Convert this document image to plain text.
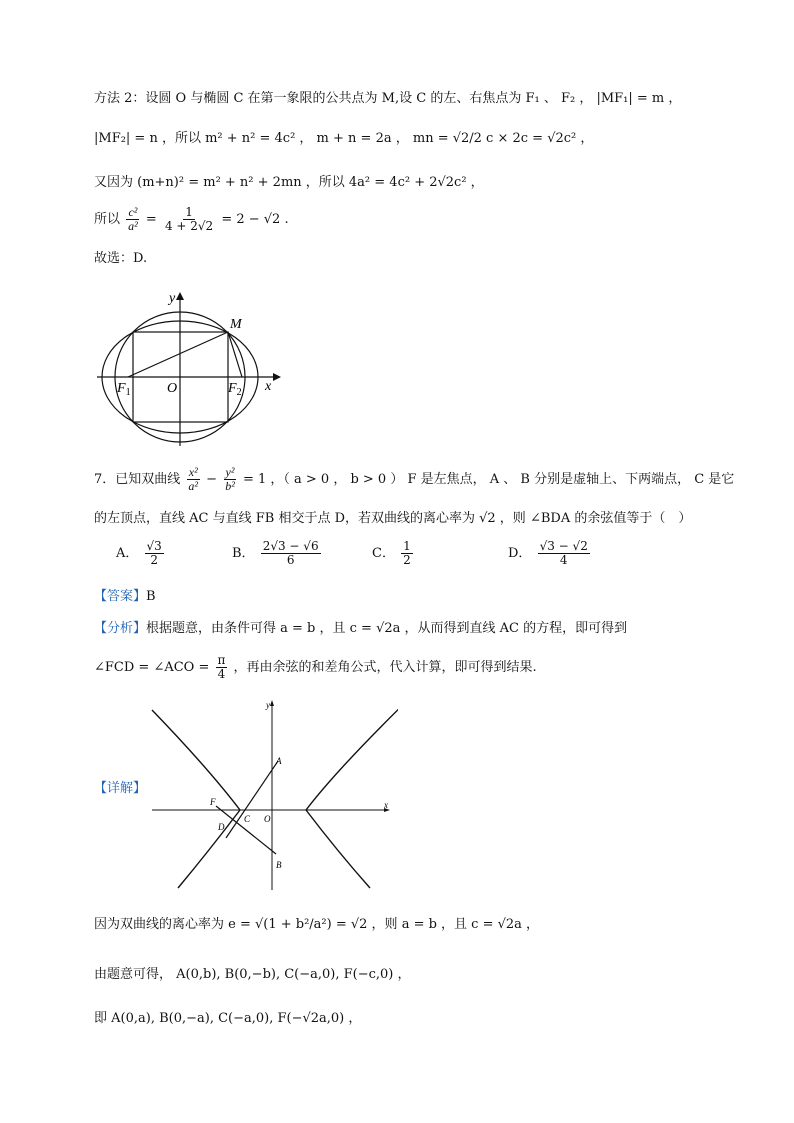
方法 2：设圆 O 与椭圆 C 在第一象限的公共点为 M,设 C 的左、右焦点为 F₁ 、 F₂ ， |MF₁| = m ，
|MF₂| = n ，所以 m² + n² = 4c² ， m + n = 2a ， mn = √2/2 c × 2c = √2c² ，
又因为 (m+n)² = m² + n² + 2mn ，所以 4a² = 4c² + 2√2c² ，
所以 $\frac{\text{c²}}{\text{a²}} = \frac{1}{4 + 2√2} = 2 - √2$ .
故选：D.
y
x
M
O
$F_1$	$F_2$
7．已知双曲线 $\frac{\text{x²}}{\text{a²}} - \frac{\text{y²}}{\text{b²}} = 1$ ，（ a > 0 ， b > 0 ） F 是左焦点， A 、 B 分别是虚轴上、下两端点， C 是它
的左顶点，直线 AC 与直线 FB 相交于点 D，若双曲线的离心率为 √2 ，则 ∠BDA 的余弦值等于（　）
A． $\frac{√3}{2}$	B． $\frac{2√3 - √6}{6}$	C． $\frac{1}{2}$	D． $\frac{√3 - √2}{4}$
【答案】B
【分析】根据题意，由条件可得 a = b ，且 c = √2a ，从而得到直线 AC 的方程，即可得到
∠FCD = ∠ACO = $\frac{\pi}{4}$ ，再由余弦的和差角公式，代入计算，即可得到结果.
【详解】
y
x
A
B
C
D
F
O
因为双曲线的离心率为 e = √(1 + b²/a²) = √2 ，则 a = b ，且 c = √2a ，
由题意可得， A(0,b), B(0,−b), C(−a,0), F(−c,0) ，
即 A(0,a), B(0,−a), C(−a,0), F(−√2a,0) ，
